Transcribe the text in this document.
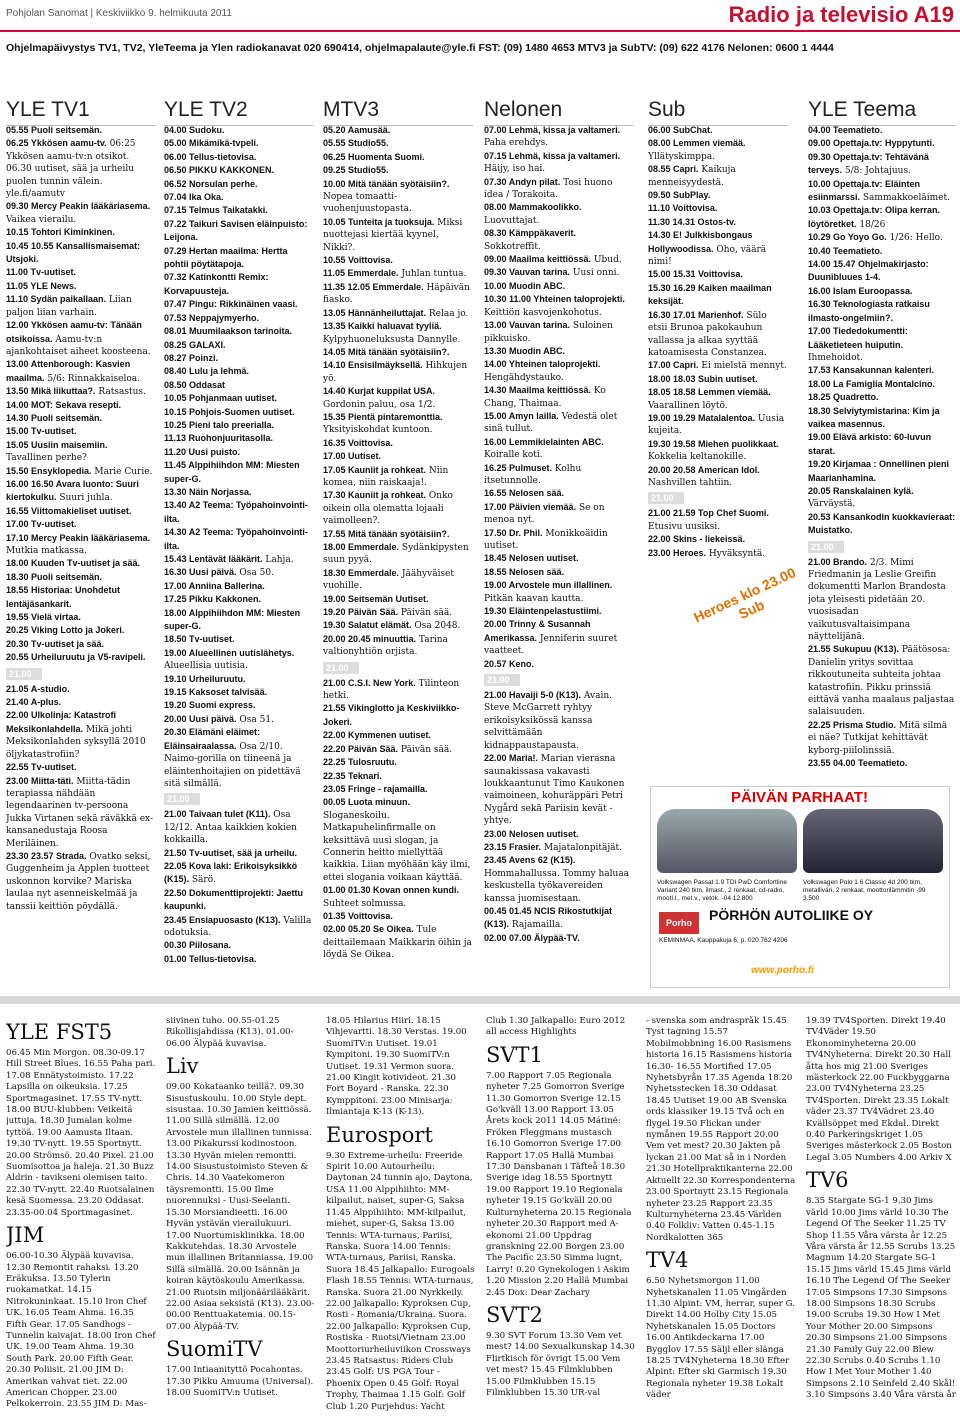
Pohjolan Sanomat | Keskiviikko 9. helmikuuta 2011	Radio ja televisio A19
Ohjelmapäivystys TV1, TV2, YleTeema ja Ylen radiokanavat 020 690414, ohjelmapalaute@yle.fi FST: (09) 1480 4653 MTV3 ja SubTV: (09) 622 4176 Nelonen: 0600 1 4444
YLE TV1
05.55 Puoli seitsemän.
06.25 Ykkösen aamu-tv. 06:25 Ykkösen aamu-tv:n otsikot. 06.30 uutiset, sää ja urheilu puolen tunnin välein. yle.fi/aamutv
09.30 Mercy Peakin lääkäriasema. Vaikea vierailu.
10.15 Tohtori Kiminkinen.
10.45 10.55 Kansallismaisemat: Utsjoki.
11.00 Tv-uutiset.
11.05 YLE News.
11.10 Sydän paikallaan. Liian paljon liian varhain.
12.00 Ykkösen aamu-tv: Tänään otsikoissa. Aamu-tv:n ajankohtaiset aiheet koosteena.
13.00 Attenborough: Kasvien maailma. 5/6: Rinnakkaiseloa.
13.50 Mikä liikuttaa?. Ratsastus.
14.00 MOT: Sekava resepti.
14.30 Puoli seitsemän.
15.00 Tv-uutiset.
15.05 Uusiin maisemiin. Tavallinen perhe?
15.50 Ensyklopedia. Marie Curie.
16.00 16.50 Avara luonto: Suuri kiertokulku. Suuri juhla.
16.55 Viittomakieliset uutiset.
17.00 Tv-uutiset.
17.10 Mercy Peakin lääkäriasema. Mutkia matkassa.
18.00 Kuuden Tv-uutiset ja sää.
18.30 Puoli seitsemän.
18.55 Historiaa: Unohdetut lentäjäsankarit.
19.55 Vielä virtaa.
20.25 Viking Lotto ja Jokeri.
20.30 Tv-uutiset ja sää.
20.55 Urheiluruutu ja V5-ravipeli.
21.00
21.05 A-studio.
21.40 A-plus.
22.00 Ulkolinja: Katastrofi Meksikonlahdella. Mikä johti Meksikonlahden syksyllä 2010 öljykatastrofiin?
22.55 Tv-uutiset.
23.00 Miitta-täti. Miitta-tädin terapiassa nähdään legendaarinen tv-persoona Jukka Virtanen sekä räväkkä ex-kansanedustaja Roosa Meriläinen.
23.30 23.57 Strada. Ovatko seksi, Guggenheim ja Applen tuotteet uskonnon korvike? Mariska laulaa nyt asenneiskelmää ja tanssii keittiön pöydällä.
YLE TV2
04.00 Sudoku.
05.00 Mikämikä-tvpeli.
06.00 Tellus-tietovisa.
06.50 PIKKU KAKKONEN.
06.52 Norsulan perhe.
07.04 Ika Oka.
07.15 Telmus Taikatakki.
07.22 Taikuri Savisen eläinpuisto: Leijona.
07.29 Hertan maailma: Hertta pohtii pöytätapoja.
07.32 Katinkontti Remix: Korvapuusteja.
07.47 Pingu: Rikkinäinen vaasi.
07.53 Neppajymyerho.
08.01 Muumilaakson tarinoita.
08.25 GALAXI.
08.27 Poinzi.
08.40 Lulu ja lehmä.
08.50 Oddasat
10.05 Pohjanmaan uutiset.
10.15 Pohjois-Suomen uutiset.
10.25 Pieni talo preerialla.
11.13 Ruohonjuuritasolla.
11.20 Uusi puisto.
11.45 Alppihiihdon MM: Miesten super-G.
13.30 Näin Norjassa.
13.40 A2 Teema: Työpahoinvointi-ilta.
14.30 A2 Teema: Työpahoinvointi-ilta.
15.43 Lentävät lääkärit. Lahja.
16.30 Uusi päivä. Osa 50.
17.00 Anniina Ballerina.
17.25 Pikku Kakkonen.
18.00 Alppihiihdon MM: Miesten super-G.
18.50 Tv-uutiset.
19.00 Alueellinen uutislähetys. Alueellisia uutisia.
19.10 Urheiluruutu.
19.15 Kaksoset talvisää.
19.20 Suomi express.
20.00 Uusi päivä. Osa 51.
20.30 Elämäni eläimet: Eläinsairaalassa. Osa 2/10. Naimo-gorilla on tiineenä ja eläintenhoitajien on pidettävä sitä silmällä.
21.00
21.00 Taivaan tulet (K11). Osa 12/12. Antaa kaikkien kokien kokkailla.
21.50 Tv-uutiset, sää ja urheilu.
22.05 Kova laki: Erikoisyksikkö (K15). Särö.
22.50 Dokumenttiprojekti: Jaettu kaupunki.
23.45 Ensiapuosasto (K13). Valilla odotuksia.
00.30 Piilosana.
01.00 Tellus-tietovisa.
MTV3
05.20 Aamusää.
05.55 Studio55.
06.25 Huomenta Suomi.
09.25 Studio55.
10.00 Mitä tänään syötäisiin?. Nopea tomaatti-vuohenjuustopasta.
10.05 Tunteita ja tuoksuja. Miksi nuottejasi kiertää kyynel, Nikki?.
10.55 Voittovisa.
11.05 Emmerdale. Juhlan tuntua.
11.35 12.05 Emmerdale. Häpäivän fiasko.
13.05 Hännänheiluttajat. Relaa jo.
13.35 Kaikki haluavat tyyliä. Kylpyhuoneluksusta Dannylle.
14.05 Mitä tänään syötäisiin?.
14.10 Ensisilmäyksellä. Hihkujen yö.
14.40 Kurjat kuppilat USA. Gordonin paluu, osa 1/2.
15.35 Pientä pintaremonttia. Yksityiskohdat kuntoon.
16.35 Voittovisa.
17.00 Uutiset.
17.05 Kauniit ja rohkeat. Niin komea, niin raiskaaja!.
17.30 Kauniit ja rohkeat. Onko oikein olla olematta lojaali vaimolleen?.
17.55 Mitä tänään syötäisiin?.
18.00 Emmerdale. Sydänkipysten suun pyyä.
18.30 Emmerdale. Jäähyväiset vuohille.
19.00 Seitsemän Uutiset.
19.20 Päivän Sää. Päivän sää.
19.30 Salatut elämät. Osa 2048.
20.00 20.45 minuuttia. Tarina valtionyhtiön orjista.
21.00
21.00 C.S.I. New York. Tilinteon hetki.
21.55 Vikinglotto ja Keskiviikko-Jokeri.
22.00 Kymmenen uutiset.
22.20 Päivän Sää. Päivän sää.
22.25 Tulosruutu.
22.35 Teknari.
23.05 Fringe - rajamailla.
00.05 Luota minuun. Sloganeskoilu. Matkapuhelinfirmalle on keksittävä uusi slogan, ja Connerin heitto miellyttää kaikkia. Liian myöhään käy ilmi, ettei slogania voikaan käyttää.
01.00 01.30 Kovan onnen kundi. Suhteet solmussa.
01.35 Voittovisa.
02.00 05.20 Se Oikea. Tule deittailemaan Maikkarin öihin ja löydä Se Oikea.
Nelonen
07.00 Lehmä, kissa ja valtameri. Paha erehdys.
07.15 Lehmä, kissa ja valtameri. Häijy, iso hai.
07.30 Andyn pilat. Tosi huono idea / Torakoita.
08.00 Mammakoolikko. Luovuttajat.
08.30 Kämppäkaverit. Sokkotreffit.
09.00 Maailma keittiössä. Ubud.
09.30 Vauvan tarina. Uusi onni.
10.00 Muodin ABC.
10.30 11.00 Yhteinen taloprojekti. Keittiön kasvojenkohotus.
13.00 Vauvan tarina. Suloinen pikkuisko.
13.30 Muodin ABC.
14.00 Yhteinen taloprojekti. Hengähdystauko.
14.30 Maailma keittiössä. Ko Chang, Thaimaa.
15.00 Amyn lailla. Vedestä olet sinä tullut.
16.00 Lemmikielainten ABC. Koiralle koti.
16.25 Pulmuset. Kolhu itsetunnolle.
16.55 Nelosen sää.
17.00 Päivien viemää. Se on menoa nyt.
17.50 Dr. Phil. Monikkoäidin uutiset.
18.45 Nelosen uutiset.
18.55 Nelosen sää.
19.00 Arvostele mun illallinen. Pitkän kaavan kautta.
19.30 Eläintenpelastustiimi.
20.00 Trinny & Susannah Amerikassa. Jenniferin suuret vaatteet.
20.57 Keno.
21.00
21.00 Havaiji 5-0 (K13). Avain. Steve McGarrett ryhtyy erikoisyksikössä kanssa selvittämään kidnappaustapausta.
22.00 Maria!. Marian vierasna saunakissasa vakavasti loukkaantunut Timo Kaukonen vaimoineen, kohuräppäri Petri Nygård sekä Pariisin kevät -yhtye.
23.00 Nelosen uutiset.
23.15 Frasier. Majatalonpitäjät.
23.45 Avens 62 (K15). Hommahallussa. Tommy haluaa keskustella työkavereiden kanssa juomisestaan.
00.45 01.45 NCIS Rikostutkijat (K13). Rajamailla.
02.00 07.00 Älypää-TV.
Sub
06.00 SubChat.
08.00 Lemmen viemää. Yllätyskimppa.
08.55 Capri. Kaikuja menneisyydestä.
09.50 SubPlay.
11.10 Voittovisa.
11.30 14.31 Ostos-tv.
14.30 E! Julkkisbongaus Hollywoodissa. Oho, väärä nimi!
15.00 15.31 Voittovisa.
15.30 16.29 Kaiken maailman keksijät.
16.30 17.01 Marienhof. Sülo etsii Brunoa pakokauhun vallassa ja alkaa syyttää katoamisesta Constanzea.
17.00 Capri. Ei mielstä mennyt.
18.00 18.03 Subin uutiset.
18.05 18.58 Lemmen viemää. Vaarallinen löytö.
19.00 19.29 Matalalentoa. Uusia kujeita.
19.30 19.58 Miehen puolikkaat. Kokkelia keltanokille.
20.00 20.58 American Idol. Nashvillen tahtiin.
21.00
21.00 21.59 Top Chef Suomi. Etusivu uusiksi.
22.00 Skins - liekeissä.
23.00 Heroes. Hyväksyntä.
YLE Teema
04.00 Teematieto.
09.00 Opettaja.tv: Hyppytunti.
09.30 Opettaja.tv: Tehtävänä terveys. 5/8: Johtajuus.
10.00 Opettaja.tv: Eläinten esiinmarssi. Sammakkoeläimet.
10.03 Opettaja.tv: Olipa kerran. löytöretket. 18/26
10.29 Go Yoyo Go. 1/26: Hello.
10.40 Teematieto.
14.00 15.47 Ohjelmakirjasto: Duunibluues 1-4.
16.00 Islam Euroopassa.
16.30 Teknologiasta ratkaisu ilmasto-ongelmiin?.
17.00 Tiededokumentti: Lääketieteen huiputin. Ihmehoidot.
17.53 Kansakunnan kalenteri.
18.00 La Famiglia Montalcino.
18.25 Quadretto.
18.30 Selviytymistarina: Kim ja vaikea masennus.
19.00 Elävä arkisto: 60-luvun starat.
19.20 Kirjamaa : Onnellinen pieni Maarianhamina.
20.05 Ranskalainen kylä. Värväystä.
20.53 Kansankodin kuokkavieraat: Muistatko.
21.00
21.00 Brando. 2/3. Mimi Friedmanin ja Leslie Greifin dokumentti Marlon Brandosta jota yleisesti pidetään 20. vuosisadan vaikutusvaltaisimpana näyttelijänä.
21.55 Sukupuu (K13). Päätösosa: Danielin yritys sovittaa rikkoutuneita suhteita johtaa katastrofiin. Pikku prinssiä eittävä vanha maalaus paljastaa salaisuuden.
22.25 Prisma Studio. Mitä silmä ei näe? Tutkijat kehittävät kyborg-piilolinssiä.
23.55 04.00 Teematieto.
Heroes klo 23.00 Sub
PÄIVÄN PARHAAT!
Volkswagen Passat 1.9 TDI PwD Comfortline Variant 240 tkm, ilmast., 2 renkaat, cd-radio, mootl.l., met.v., vetok. -04 12.800
Volkswagen Polo 1.6 Classic 4d 200 tkm, metalliväri, 2 renkaat, moottorilämmitin -99 3.500
Porho	PÖRHÖN AUTOLIIKE OY
KEMINMAA, Kauppakuja 6, p. 020 762 4206
www.porho.fi
YLE FST5
06.45 Min Morgon. 08.30-09.17 Hill Street Blues. 16.55 Paha pari. 17.08 Ennätystoimisto. 17.22 Lapsilla on oikeuksia. 17.25 Sportmagasinet. 17.55 TV-nytt. 18.00 BUU-klubben: Veikeitä juttuja. 18.30 Jumalan kolme tyttöä. 19.00 Aamusta Iltaan. 19.30 TV-nytt. 19.55 Sportnytt. 20.00 Strömsö. 20.40 Pixel. 21.00 Suomisottoa ja haleja. 21.30 Buzz Aldrin - tavikseni olemisen taito. 22.30 TV-nytt. 22.40 Ruotsalainen kesä Suomessa. 23.20 Oddasat. 23.35-00.04 Sportmagasinet.
JIM
06.00-10.30 Älypää kuvavisa. 12.30 Remontit rahaksi. 13.20 Eräkuksa. 13.50 Tylerin ruokamatkat. 14.15 Nitrokuninkaat. 15.10 Iron Chef UK. 16.05 Team Ahma. 16.35 Fifth Gear. 17.05 Sandhogs - Tunnelin kaivajat. 18.00 Iron Chef UK. 19.00 Team Ahma. 19.30 South Park. 20.00 Fifth Gear. 20.30 Poliisit. 21.00 JIM D: Amerikan vahvat tiet. 22.00 American Chopper. 23.00 Pelkokerroin. 23.55 JIM D: Mas-
siivinen tuho. 00.55-01.25 Rikollisjahdissa (K13). 01.00-06.00 Älypää kuvavisa.
Liv
09.00 Kokataanko teillä?. 09.30 Sisustuskoulu. 10.00 Style dept. sisustaa. 10.30 Jamien keittiössä. 11.00 Sillä silmällä. 12.00 Arvostele mun illallinen tunnissa. 13.00 Pikakurssi kodinostoon. 13.30 Hyvän mielen remontti. 14.00 Sisustustoimisto Steven & Chris. 14.30 Vaatekomeron täysremontti. 15.00 Ilme nuorennuksi - Uusi-Seelanti. 15.30 Morsiandieetti. 16.00 Hyvän ystävän vierailukuuri. 17.00 Nuortumisklinikka. 18.00 Kakkutehdas. 18.30 Arvostele mun illallinen Britanniassa. 19.00 Sillä silmällä. 20.00 Isännän ja koiran käytöskoulu Amerikassa. 21.00 Ruotsin miljonäärilääkärit. 22.00 Asiaa seksistä (K13). 23.00-00.00 Renttuakatemia. 00.15-07.00 Älypää-TV.
SuomiTV
17.00 Intiaanityttö Pocahontas. 17.30 Pikku Amuuma (Universal). 18.00 SuomiTV:n Uutiset.
18.05 Hilarius Hiiri. 18.15 Vihjevartti. 18.30 Verstas. 19.00 SuomiTV:n Uutiset. 19.01 Kympitoni. 19.30 SuomiTV:n Uutiset. 19.31 Vermon suora. 21.00 Kingit kotivideot. 21.30 Fort Boyard - Ranska. 22.30 Kymppitoni. 23.00 Minisarja: Ilmiantaja K-13 (K-13).
Eurosport
9.30 Extreme-urheilu: Freeride Spirit 10.00 Autourheilu: Daytonan 24 tunnin ajo, Daytona, USA 11.00 Alppihiihto: MM-kilpailut, naiset, super-G, Saksa 11.45 Alppihiihto: MM-kilpailut, miehet, super-G, Saksa 13.00 Tennis: WTA-turnaus, Pariisi, Ranska. Suora 14.00 Tennis: WTA-turnaus, Pariisi, Ranska. Suora 18.45 Jalkapallo: Eurogoals Flash 18.55 Tennis: WTA-turnaus, Ranska. Suora 21.00 Nyrkkeily. 22.00 Jalkapallo: Kyproksen Cup, Rosti - Romania/Ukraina. Suora. 22.00 Jalkapallo: Kyproksen Cup, Rostiska - Ruotsi/Vietnam 23.00 Moottoriurheiluviikon Crossways 23.45 Ratsastus: Riders Club 23.45 Golf: US PGA Tour - Phoenix Open 0.45 Golf: Royal Trophy, Thaimaa 1.15 Golf: Golf Club 1.20 Purjehdus: Yacht
Club 1.30 Jalkapallo: Euro 2012 all access Highlights
SVT1
7.00 Rapport 7.05 Regionala nyheter 7.25 Gomorron Sverige 11.30 Gomorron Sverige 12.15 Go'kväll 13.00 Rapport 13.05 Årets kock 2011 14.05 Mátiné: Fröken Fleggmans mustasch 16.10 Gomorron Sverige 17.00 Rapport 17.05 Hallä Mumbai 17.30 Dansbanan i Täfteå 18.30 Sverige idag 18.55 Sportnytt 19.00 Rapport 19.10 Regionala nyheter 19.15 Go'kväll 20.00 Kulturnyheterna 20.15 Regionala nyheter 20.30 Rapport med A-ekonomi 21.00 Uppdrag granskning 22.00 Borgen 23.00 The Pacific 23.50 Simma lugnt, Larry! 0.20 Gynekologen i Askim 1.20 Mission 2.20 Hallä Mumbai 2.45 Dox: Dear Zachary
SVT2
9.30 SVT Forum 13.30 Vem vet mest? 14.00 Sexualkunskap 14.30 Flirtkisch för övrigt 15.00 Vem vet mest? 15.45 Filmklubben 15.00 Filmklubben 15.15 Filmklubben 15.30 UR-val
- svenska som andraspråk 15.45 Tyst tagning 15.57 Mobilmobbning 16.00 Rasismens historia 16.15 Rasismens historia 16.30- 16.55 Mortified 17.05 Nyhetsbyrån 17.35 Agenda 18.20 Nyhetsstecken 18.30 Oddasat 18.45 Uutiset 19.00 AB Svenska ords klassiker 19.15 Två och en flygel 19.50 Flickan under nymånen 19.55 Rapport 20.00 Vem vet mest? 20.30 Jakten på lyckan 21.00 Mat så in i Norden 21.30 Hotellpraktikanterna 22.00 Aktuellt 22.30 Korrespondenterna 23.00 Sportnytt 23.15 Regionala nyheter 23.25 Rapport 23.35 Kulturnyheterna 23.45 Världen 0.40 Folkliv: Vatten 0.45-1.15 Nordkalotten 365
TV4
6.50 Nyhetsmorgon 11.00 Nyhetskanalen 11.05 Vingården 11.30 Alpint: VM, herrar, super G. Direkt 14.00 Holby City 15.05 Nyhetskanalen 15.05 Doctors 16.00 Antikdeckarna 17.00 Bygglov 17.55 Säljl eller slänga 18.25 TV4Nyheterna 18.30 Efter Alpint: Efter ski Garmisch 19.30 Regionala nyheter 19.38 Lokalt väder
19.39 TV4Sporten. Direkt 19.40 TV4Väder 19.50 Ekonominyheterna 20.00 TV4Nyheterna. Direkt 20.30 Hall åtta hos mig 21.00 Sveriges mästerkock 22.00 Fuckbyggarna 23.00 TV4Nyheterna 23.25 TV4Sporten. Direkt 23.35 Lokalt väder 23.37 TV4Vädret 23.40 Kvällsöppet med Ekdal. Direkt 0.40 Parkeringskriget 1.05 Sveriges mästerkock 2.05 Boston Legal 3.05 Numbers 4.00 Arkiv X
TV6
8.35 Stargate SG-1 9.30 Jims värld 10.00 Jims värld 10.30 The Legend Of The Seeker 11.25 TV Shop 11.55 Våra värsta år 12.25 Våra värsta år 12.55 Scrubs 13.25 Magnum 14.20 Stargate SG-1 15.15 Jims värld 15.45 Jims värld 16.10 The Legend Of The Seeker 17.05 Simpsons 17.30 Simpsons 18.00 Simpsons 18.30 Scrubs 19.00 Scrubs 19.30 How I Met Your Mother 20.00 Simpsons 20.30 Simpsons 21.00 Simpsons 21.30 Family Guy 22.00 Blew 22.30 Scrubs 0.40 Scrubs 1.10 How I Met Your Mother 1.40 Simpsons 2.10 Seinfeld 2.40 Skål! 3.10 Simpsons 3.40 Våra värsta år
